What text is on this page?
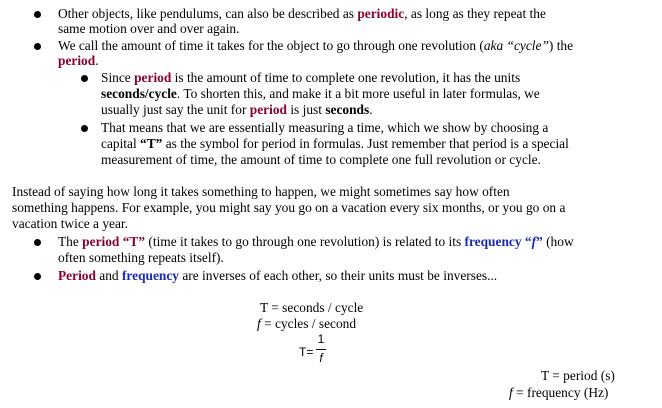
Other objects, like pendulums, can also be described as periodic, as long as they repeat the
same motion over and over again.
We call the amount of time it takes for the object to go through one revolution (aka “cycle”) the
period.
Since period is the amount of time to complete one revolution, it has the units
seconds/cycle. To shorten this, and make it a bit more useful in later formulas, we
usually just say the unit for period is just seconds.
That means that we are essentially measuring a time, which we show by choosing a
capital “T” as the symbol for period in formulas. Just remember that period is a special
measurement of time, the amount of time to complete one full revolution or cycle.
Instead of saying how long it takes something to happen, we might sometimes say how often
something happens. For example, you might say you go on a vacation every six months, or you go on a
vacation twice a year.
The period “T” (time it takes to go through one revolution) is related to its frequency “f” (how
often something repeats itself).
Period and frequency are inverses of each other, so their units must be inverses...
T = seconds / cycle
f = cycles / second
T=
1
f
T = period (s)
f = frequency (Hz)
